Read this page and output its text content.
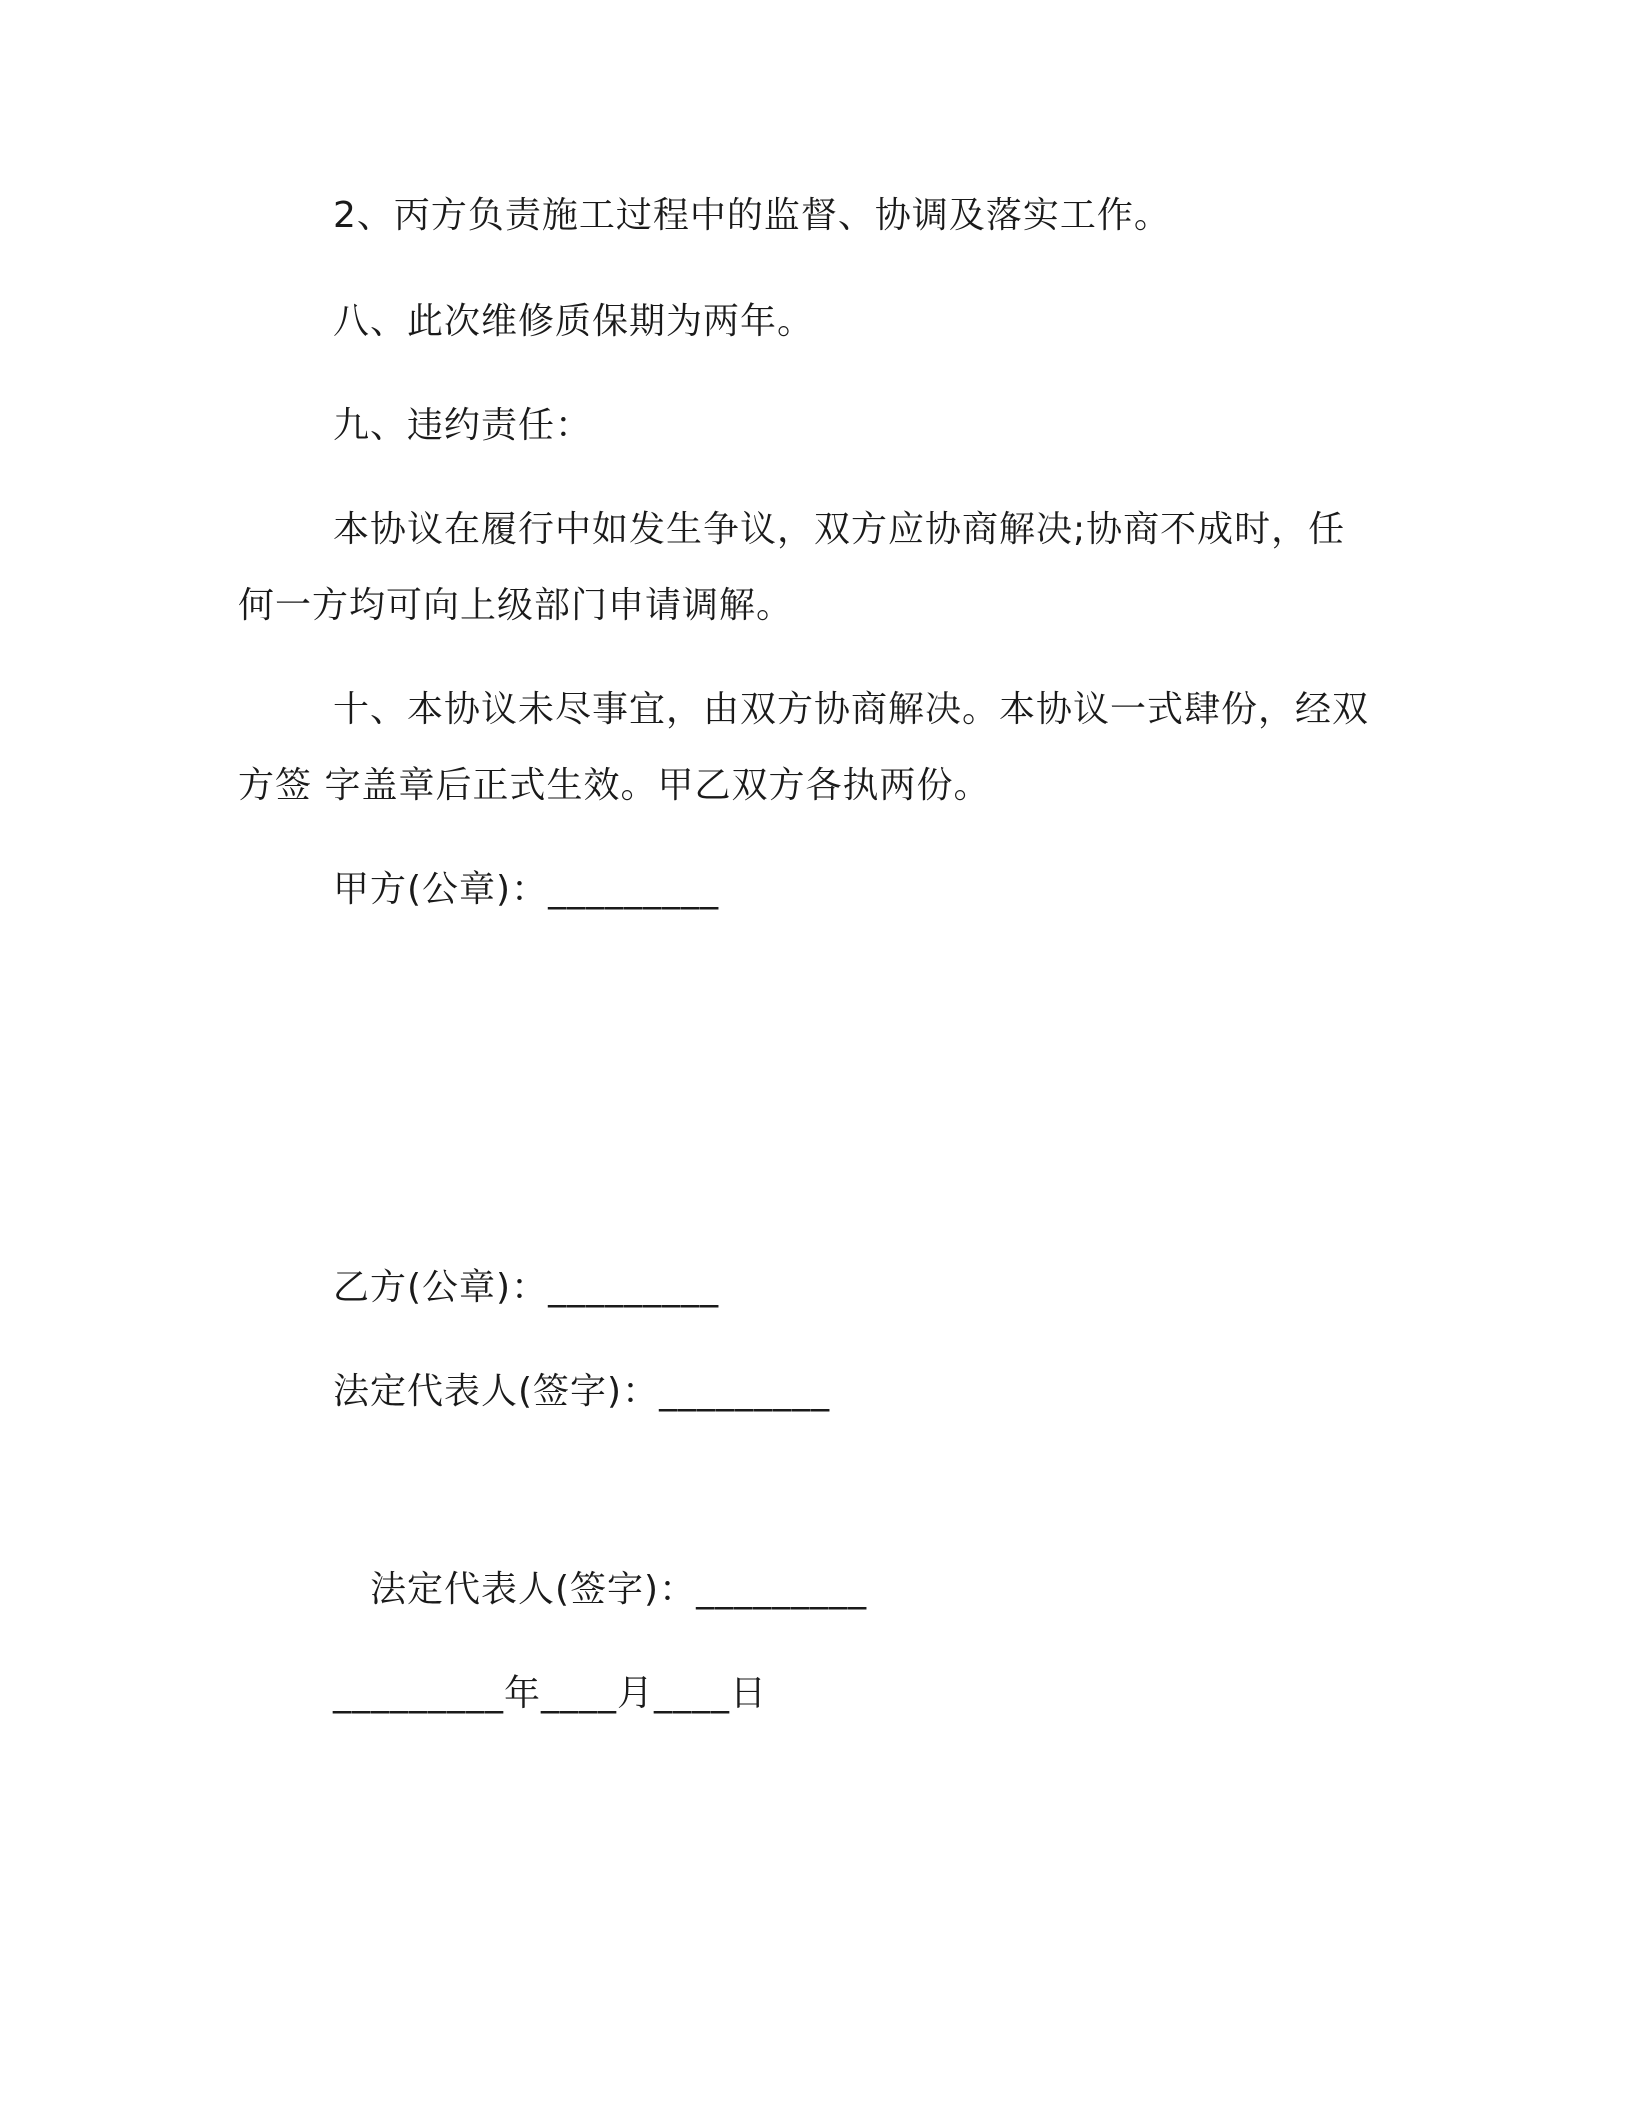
2、丙方负责施工过程中的监督、协调及落实工作。
八、此次维修质保期为两年。
九、违约责任：
本协议在履行中如发生争议，双方应协商解决;协商不成时，任
何一方均可向上级部门申请调解。
十、本协议未尽事宜，由双方协商解决。本协议一式肆份，经双
方签 字盖章后正式生效。甲乙双方各执两份。
甲方(公章)：_________
乙方(公章)：_________
法定代表人(签字)：_________
法定代表人(签字)：_________
_________年____月____日
